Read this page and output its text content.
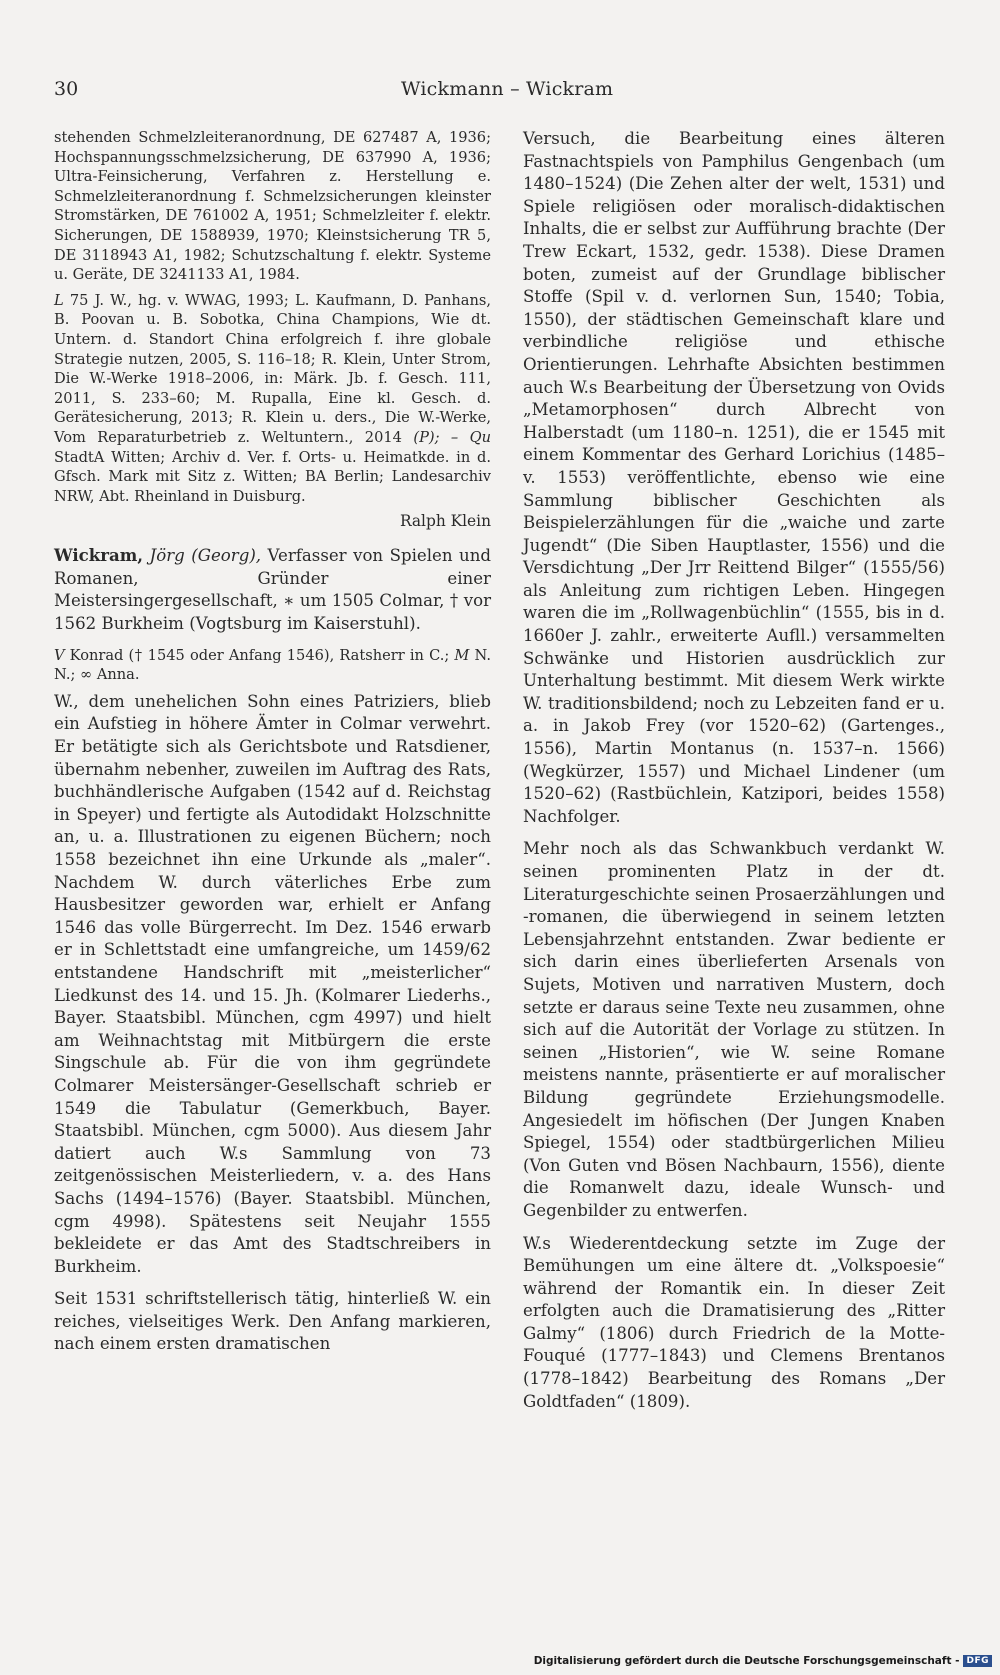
30	Wickmann – Wickram

stehenden Schmelzleiteranordnung, DE 627487 A, 1936; Hochspannungsschmelzsicherung, DE 637990 A, 1936; Ultra-Feinsicherung, Verfahren z. Herstellung e. Schmelzleiteranordnung f. Schmelzsicherungen kleinster Stromstärken, DE 761002 A, 1951; Schmelzleiter f. elektr. Sicherungen, DE 1588939, 1970; Kleinstsicherung TR 5, DE 3118943 A1, 1982; Schutzschaltung f. elektr. Systeme u. Geräte, DE 3241133 A1, 1984.

L 75 J. W., hg. v. WWAG, 1993; L. Kaufmann, D. Panhans, B. Poovan u. B. Sobotka, China Champions, Wie dt. Untern. d. Standort China erfolgreich f. ihre globale Strategie nutzen, 2005, S. 116–18; R. Klein, Unter Strom, Die W.-Werke 1918–2006, in: Märk. Jb. f. Gesch. 111, 2011, S. 233–60; M. Rupalla, Eine kl. Gesch. d. Gerätesicherung, 2013; R. Klein u. ders., Die W.-Werke, Vom Reparaturbetrieb z. Weltuntern., 2014 (P); – Qu StadtA Witten; Archiv d. Ver. f. Orts- u. Heimatkde. in d. Gfsch. Mark mit Sitz z. Witten; BA Berlin; Landesarchiv NRW, Abt. Rheinland in Duisburg.

Ralph Klein

Wickram, Jörg (Georg), Verfasser von Spielen und Romanen, Gründer einer Meistersingergesellschaft, ∗ um 1505 Colmar, † vor 1562 Burkheim (Vogtsburg im Kaiserstuhl).

V Konrad († 1545 oder Anfang 1546), Ratsherr in C.; M N. N.; ∞ Anna.

W., dem unehelichen Sohn eines Patriziers, blieb ein Aufstieg in höhere Ämter in Colmar verwehrt. Er betätigte sich als Gerichtsbote und Ratsdiener, übernahm nebenher, zuweilen im Auftrag des Rats, buchhändlerische Aufgaben (1542 auf d. Reichstag in Speyer) und fertigte als Autodidakt Holzschnitte an, u. a. Illustrationen zu eigenen Büchern; noch 1558 bezeichnet ihn eine Urkunde als „maler“. Nachdem W. durch väterliches Erbe zum Hausbesitzer geworden war, erhielt er Anfang 1546 das volle Bürgerrecht. Im Dez. 1546 erwarb er in Schlettstadt eine umfangreiche, um 1459/62 entstandene Handschrift mit „meisterlicher“ Liedkunst des 14. und 15. Jh. (Kolmarer Liederhs., Bayer. Staatsbibl. München, cgm 4997) und hielt am Weihnachtstag mit Mitbürgern die erste Singschule ab. Für die von ihm gegründete Colmarer Meistersänger-Gesellschaft schrieb er 1549 die Tabulatur (Gemerkbuch, Bayer. Staatsbibl. München, cgm 5000). Aus diesem Jahr datiert auch W.s Sammlung von 73 zeitgenössischen Meisterliedern, v. a. des Hans Sachs (1494–1576) (Bayer. Staatsbibl. München, cgm 4998). Spätestens seit Neujahr 1555 bekleidete er das Amt des Stadtschreibers in Burkheim.

Seit 1531 schriftstellerisch tätig, hinterließ W. ein reiches, vielseitiges Werk. Den Anfang markieren, nach einem ersten dramatischen

Versuch, die Bearbeitung eines älteren Fastnachtspiels von Pamphilus Gengenbach (um 1480–1524) (Die Zehen alter der welt, 1531) und Spiele religiösen oder moralisch-didaktischen Inhalts, die er selbst zur Aufführung brachte (Der Trew Eckart, 1532, gedr. 1538). Diese Dramen boten, zumeist auf der Grundlage biblischer Stoffe (Spil v. d. verlornen Sun, 1540; Tobia, 1550), der städtischen Gemeinschaft klare und verbindliche religiöse und ethische Orientierungen. Lehrhafte Absichten bestimmen auch W.s Bearbeitung der Übersetzung von Ovids „Metamorphosen“ durch Albrecht von Halberstadt (um 1180–n. 1251), die er 1545 mit einem Kommentar des Gerhard Lorichius (1485–v. 1553) veröffentlichte, ebenso wie eine Sammlung biblischer Geschichten als Beispielerzählungen für die „waiche und zarte Jugendt“ (Die Siben Hauptlaster, 1556) und die Versdichtung „Der Jrr Reittend Bilger“ (1555/56) als Anleitung zum richtigen Leben. Hingegen waren die im „Rollwagenbüchlin“ (1555, bis in d. 1660er J. zahlr., erweiterte Aufll.) versammelten Schwänke und Historien ausdrücklich zur Unterhaltung bestimmt. Mit diesem Werk wirkte W. traditionsbildend; noch zu Lebzeiten fand er u. a. in Jakob Frey (vor 1520–62) (Gartenges., 1556), Martin Montanus (n. 1537–n. 1566) (Wegkürzer, 1557) und Michael Lindener (um 1520–62) (Rastbüchlein, Katzipori, beides 1558) Nachfolger.

Mehr noch als das Schwankbuch verdankt W. seinen prominenten Platz in der dt. Literaturgeschichte seinen Prosaerzählungen und -romanen, die überwiegend in seinem letzten Lebensjahrzehnt entstanden. Zwar bediente er sich darin eines überlieferten Arsenals von Sujets, Motiven und narrativen Mustern, doch setzte er daraus seine Texte neu zusammen, ohne sich auf die Autorität der Vorlage zu stützen. In seinen „Historien“, wie W. seine Romane meistens nannte, präsentierte er auf moralischer Bildung gegründete Erziehungsmodelle. Angesiedelt im höfischen (Der Jungen Knaben Spiegel, 1554) oder stadtbürgerlichen Milieu (Von Guten vnd Bösen Nachbaurn, 1556), diente die Romanwelt dazu, ideale Wunsch- und Gegenbilder zu entwerfen.

W.s Wiederentdeckung setzte im Zuge der Bemühungen um eine ältere dt. „Volkspoesie“ während der Romantik ein. In dieser Zeit erfolgten auch die Dramatisierung des „Ritter Galmy“ (1806) durch Friedrich de la Motte-Fouqué (1777–1843) und Clemens Brentanos (1778–1842) Bearbeitung des Romans „Der Goldtfaden“ (1809).

Digitalisierung gefördert durch die Deutsche Forschungsgemeinschaft - DFG
